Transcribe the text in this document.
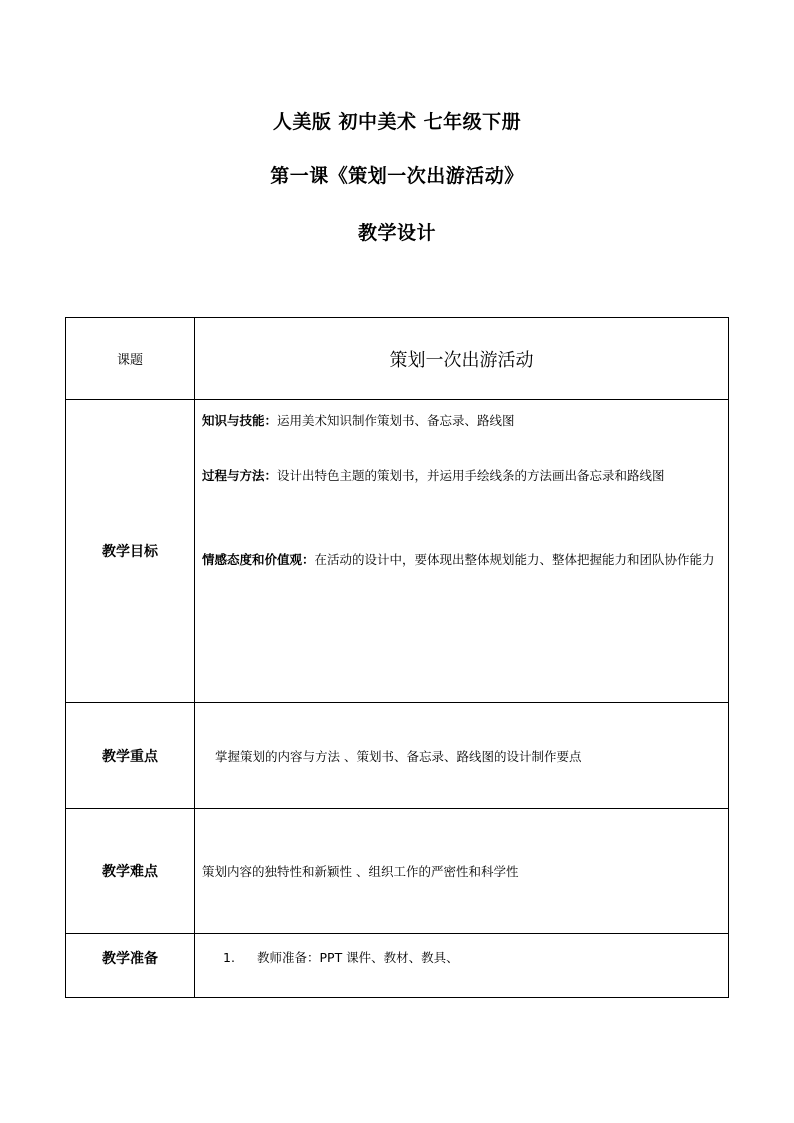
人美版 初中美术 七年级下册
第一课《策划一次出游活动》
教学设计
课题	策划一次出游活动
教学目标	知识与技能：运用美术知识制作策划书、备忘录、路线图

过程与方法：设计出特色主题的策划书，并运用手绘线条的方法画出备忘录和路线图

情感态度和价值观：在活动的设计中，要体现出整体规划能力、整体把握能力和团队协作能力

教学重点	掌握策划的内容与方法 、策划书、备忘录、路线图的设计制作要点
教学难点	策划内容的独特性和新颖性 、组织工作的严密性和科学性
教学准备	1. 教师准备：PPT 课件、教材、教具、
